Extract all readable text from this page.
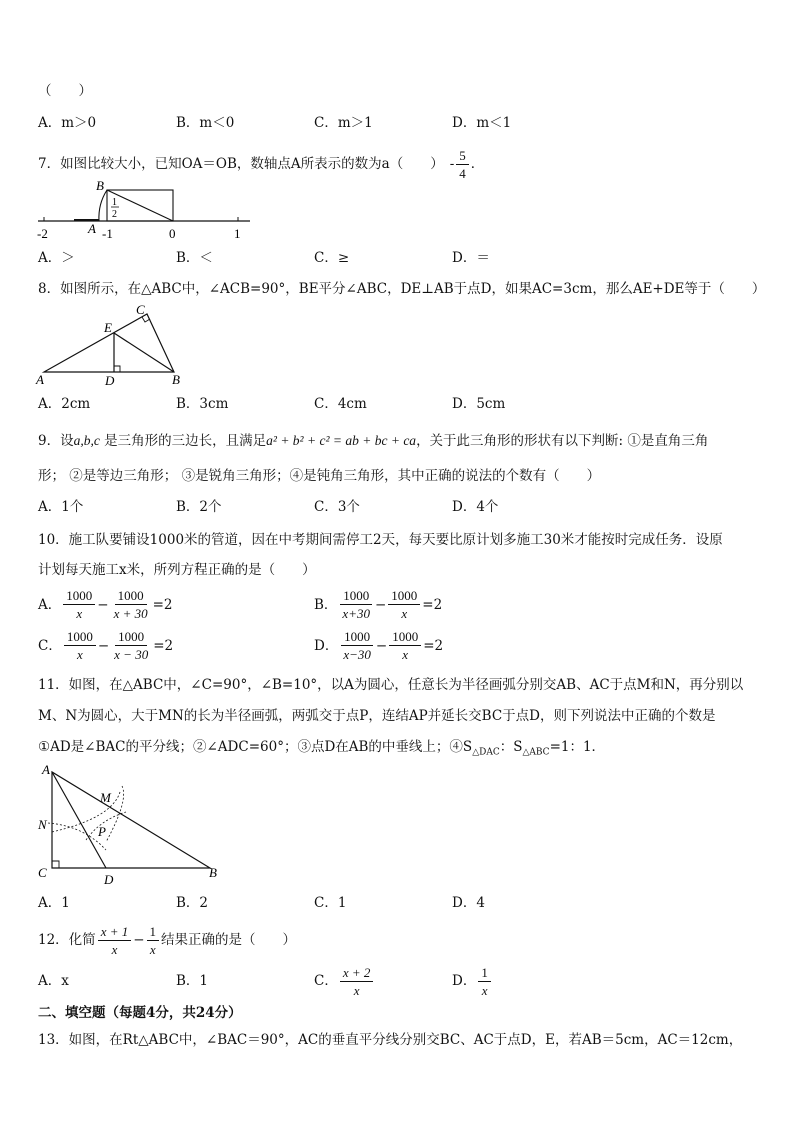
（　　）
A．m＞0	B．m＜0	C．m＞1	D．m＜1
7．如图比较大小，已知OA＝OB，数轴点A所表示的数为a（　　） - $\frac{5}{4}$ ．
B
A
1
2
-2	-1	0	1
A．＞	B．＜	C．≥	D．＝
8．如图所示，在△ABC中，∠ACB=90°，BE平分∠ABC，DE⊥AB于点D，如果AC=3cm，那么AE+DE等于（　　）
C
E
A	D	B
A．2cm	B．3cm	C．4cm	D．5cm
9．设a,b,c 是三角形的三边长，且满足a² + b² + c² = ab + bc + ca，关于此三角形的形状有以下判断: ①是直角三角
形； ②是等边三角形； ③是锐角三角形；④是钝角三角形，其中正确的说法的个数有（　　）
A．1个	B．2个	C．3个	D．4个
10．施工队要铺设1000米的管道，因在中考期间需停工2天，每天要比原计划多施工30米才能按时完成任务．设原
计划每天施工x米，所列方程正确的是（　　）
A． $\frac{1000}{x} - \frac{1000}{x + 30} =2$	B． $\frac{1000}{x+30} - \frac{1000}{x} =2$
C． $\frac{1000}{x} - \frac{1000}{x - 30} =2$	D． $\frac{1000}{x-30} - \frac{1000}{x} =2$
11．如图，在△ABC中，∠C=90°，∠B=10°，以A为圆心，任意长为半径画弧分别交AB、AC于点M和N，再分别以
M、N为圆心，大于MN的长为半径画弧，两弧交于点P，连结AP并延长交BC于点D，则下列说法中正确的个数是
①AD是∠BAC的平分线；②∠ADC=60°；③点D在AB的中垂线上；$④S_{\triangle DAC}$：$S_{\triangle ABC}=1$：1．
A
M
N	P
C	D	B
A．1	B．2	C．1	D．4
12．化简 $\frac{x + 1}{x} - \frac{1}{x}$ 结果正确的是（　　）
A．x	B．1	C． $\frac{x + 2}{x}$	D． $\frac{1}{x}$
二、填空题（每题4分，共24分）
13．如图，在Rt△ABC中，∠BAC＝90°，AC的垂直平分线分别交BC、AC于点D，E，若AB＝5cm，AC＝12cm，
